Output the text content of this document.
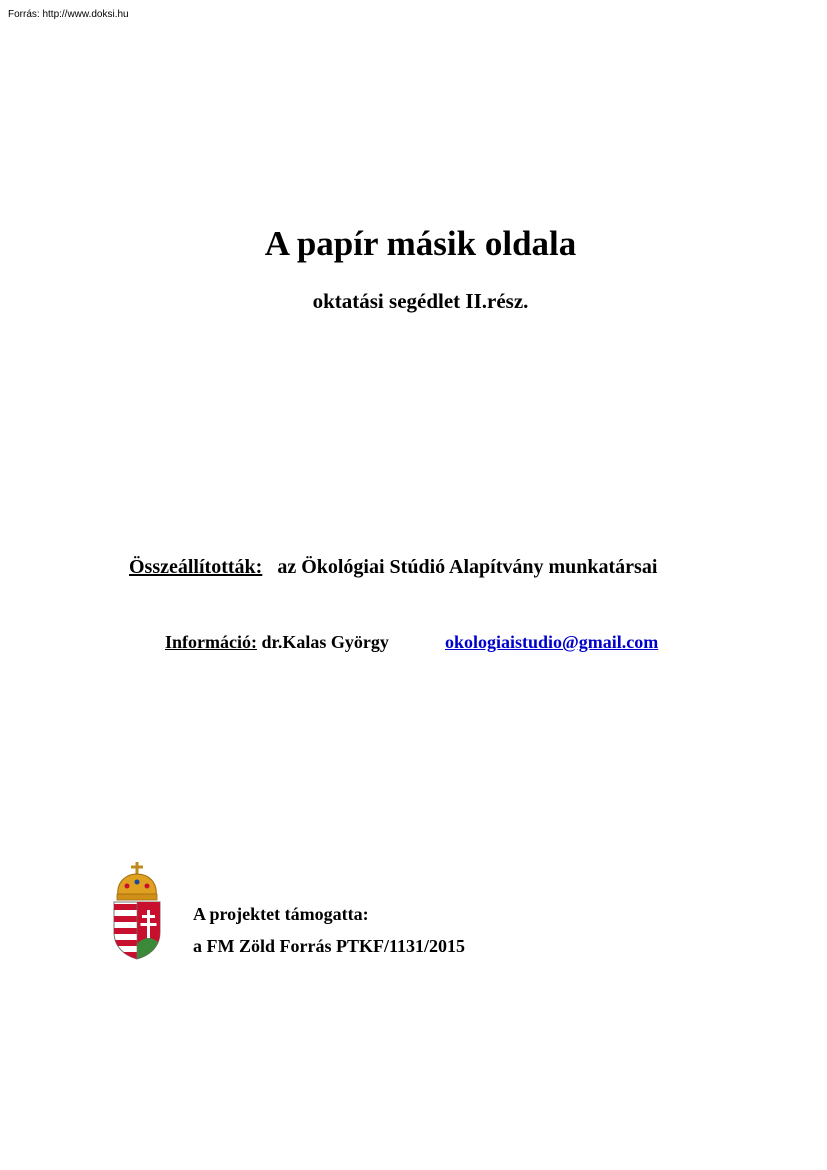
Forrás: http://www.doksi.hu
A papír másik oldala
oktatási segédlet II.rész.
Összeállították: az Ökológiai Stúdió Alapítvány munkatársai
Információ: dr.Kalas György	okologiaistudio@gmail.com
A projektet támogatta:
a FM Zöld Forrás PTKF/1131/2015
